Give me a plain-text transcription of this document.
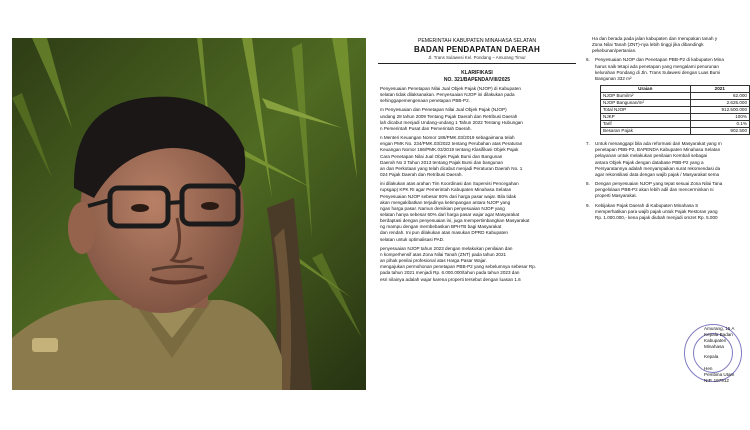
PEMERINTAH KABUPATEN MINAHASA SELATAN
BADAN PENDAPATAN DAERAH
Jl. Trans Sulawesi Kel. Pondang – Amurang Timur
KLARIFIKASI
NO. 321/BAPENDA/VIII/2025

Penyesuaian Penetapan Nilai Jual Objek Pajak (NJOP) di Kabupaten

selatan tidak dilaksanakan. Penyesuaian NJOP ini dilakukan pada

sehinggapemengenaan penetapan PBB-P2.

m Penyesuaian dan Penetapan Nilai Jual Objek Pajak (NJOP)

undang 28 tahun 2009 Tentang Pajak Daerah dan Retribusi Daerah

lah dicabut menjadi Undang-undang 1 Tahun 2022 Tentang Hubungan

n Pemerintah Pusat dan Pemerintah Daerah.

n Menteri Keuangan Nomor 186/PMK.03/2019 sebagaimana telah

engan PMK No. 234/PMK.03/2022 tentang Perubahan atas Peraturan

Keuangan Nomor 186/PMK.03/2019 tentang Klasifikasi Objek Pajak

Cara Penetapan Nilai Jual Objek Pajak Bumi dan Bangunan

Daerah No 3 Tahun 2013 tentang Pajak Bumi dan bangunan

an dan Perkotaan yang telah dicabut menjadi Peraturan Daerah No. 1

024 Pajak Daerah dan Retribusi Daerah.

ini dilakukan atas arahan Tim Koordinasi dan Supervisi Pencegahan

rupsgap) KPK RI agar Pemerintah Kabupaten Minahasa Selatan

Penyesuaian NJOP sebesar 80% dari harga pasar wajar. Bila tidak

akan mengakibatkan terjadinya ketimpangan antara NJOP yang

ngan harga pasar. Namun demikian penyesuaian NJOP yang

selatan hanya sebesar 60% dari harga pasar wajar agar Masyarakat

berdaptasi dengan penyesuaian ini, juga mempertimbangkan Masyarakat

ng mampu dengan membebaskan BPHTB bagi Masyarakat

dan rendah. Ini pun dilakukan atas masukan DPRD Kabupaten

selatan untuk optimalisasi PAD.

penyesuaian NJOP tahun 2023 dengan melakukan penilaian dan

n komperhensif atas Zona Nilai Tanah (ZNT) pada tahun 2021

an pihak penilai profesional atas Harga Pasar Wajar.

mengajukan permohonan penetapan PBB-P2 yang sebelumnya sebesar Rp.

pada tahun 2021 menjadi Rp. 6.000.000/tahun pada tahun 2023 dan

esri nilainya adalah wajar karena properti tersebut dengan luasan 1.6

Ha dan berada pada jalan kabupaten dan merupakan tanah y

Zona Nilai Tanah (ZNT)-nya lebih tinggi jika dibandingk

pekebunan/pertanian.

6. Penyesuaian NJOP dan Penetapan PBB-P2 di kabupaten Mina

harus naik tetapi ada penetapan yang mengalami penurunan

kelurahan Pondang di Jln. Trans Sulawesi dengan Luas Bumi

Bangunan 332 m²

Uraian	2021
NJOP Bumi/m²	62.000
NJOP Bangunan/m²	2.625.000
Total NJOP	912.500.000
NJKP	100%
Tarif	0.1%
Besaran Pajak	902.500

7. Untuk menanggapi bila ada reformasi dari Masyarakat yang m

penetapan PBB-P2, BAPENDA Kabupaten Minahasa Selatan

pelayanan untuk melakukan penilaian Kembali sebagai

antara Objek Pajak dengan database PBB-P2 yang a

Persyaratannya adalah menyampaikan surat rekomendasi da

agar rekonsiliasi data dengan wajib pajak / Masyarakat sema

8. Dengan penyesuaian NJOP yang tepat sesuai Zona Nilai Tana

pengelolaan PBB-P2 akan lebih adil dan mencerminkan ni

properti Masyarakat.

9. Kebijakan Pajak Daerah di Kabupaten Minahasa S

memperhatikan para wajib pajak untuk Pajak Restoran yang

Rp. 1.000.000,- kena pajak diubah menjadi omzet Rp. 5.000

Amurang, 15 A
Kepala Badan
Kabupaten
Minahasa
Kepala
Hen
Pembina Utam
NIP. 197912
